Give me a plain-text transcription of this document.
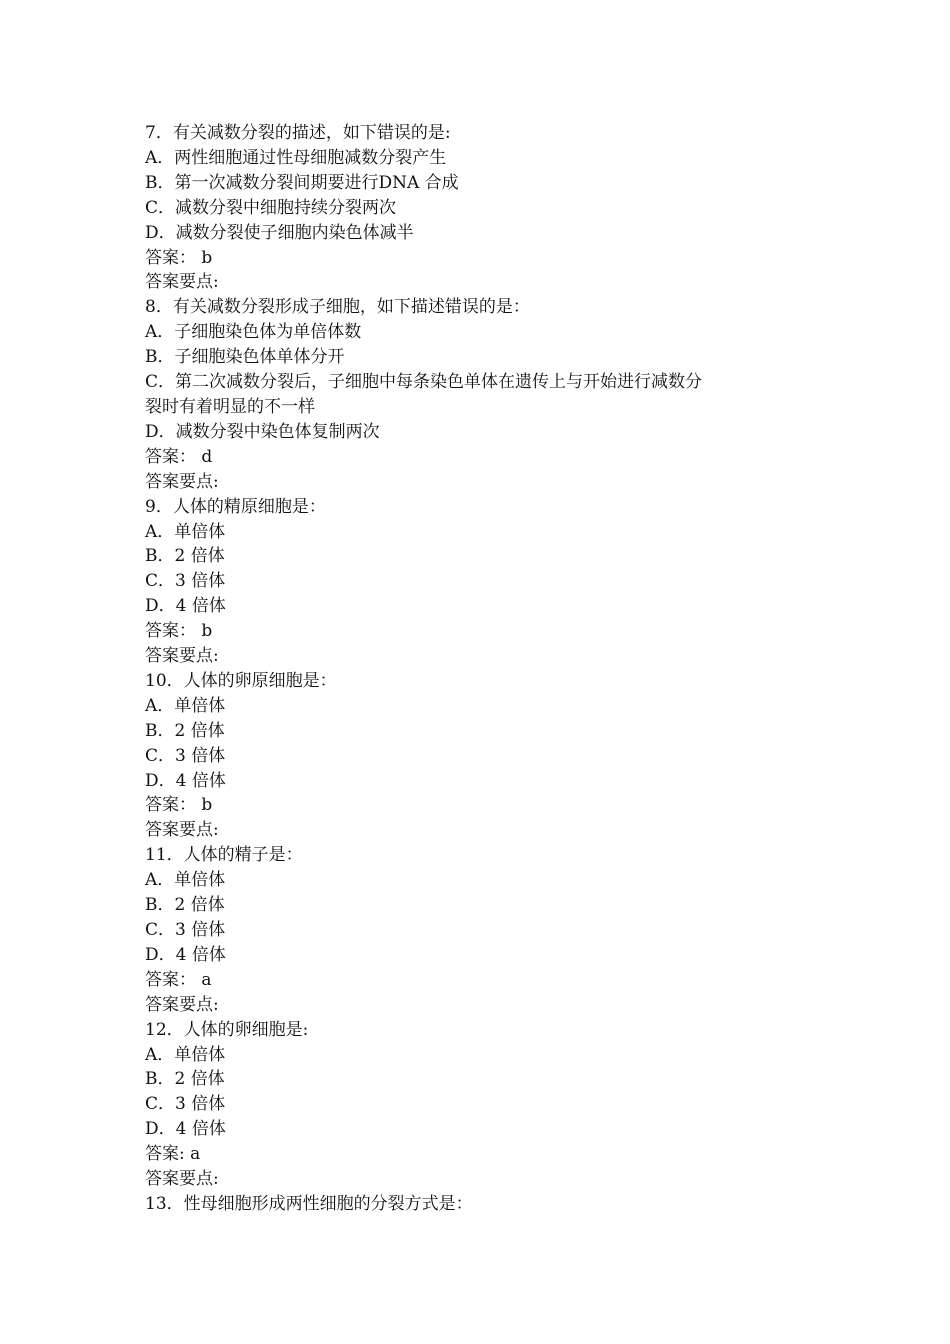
7．有关减数分裂的描述，如下错误的是:
A．两性细胞通过性母细胞减数分裂产生
B．第一次减数分裂间期要进行DNA 合成
C．减数分裂中细胞持续分裂两次
D．减数分裂使子细胞内染色体减半
答案： b
答案要点:
8．有关减数分裂形成子细胞，如下描述错误的是：
A．子细胞染色体为单倍体数
B．子细胞染色体单体分开
C．第二次减数分裂后，子细胞中每条染色单体在遗传上与开始进行减数分
裂时有着明显的不一样
D．减数分裂中染色体复制两次
答案： d
答案要点:
9．人体的精原细胞是：
A．单倍体
B．2 倍体
C．3 倍体
D．4 倍体
答案： b
答案要点:
10．人体的卵原细胞是：
A．单倍体
B．2 倍体
C．3 倍体
D．4 倍体
答案： b
答案要点:
11．人体的精子是：
A．单倍体
B．2 倍体
C．3 倍体
D．4 倍体
答案： a
答案要点:
12．人体的卵细胞是:
A．单倍体
B．2 倍体
C．3 倍体
D．4 倍体
答案: a
答案要点:
13．性母细胞形成两性细胞的分裂方式是：
